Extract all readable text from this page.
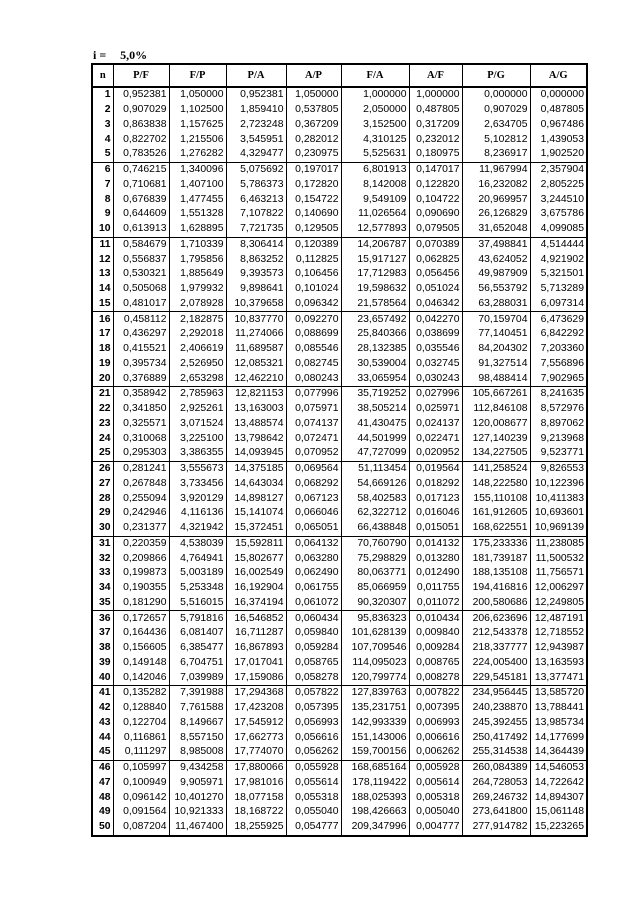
i = 5,0%
n	P/F	F/P	P/A	A/P	F/A	A/F	P/G	A/G
1	0,952381	1,050000	0,952381	1,050000	1,000000	1,000000	0,000000	0,000000
2	0,907029	1,102500	1,859410	0,537805	2,050000	0,487805	0,907029	0,487805
3	0,863838	1,157625	2,723248	0,367209	3,152500	0,317209	2,634705	0,967486
4	0,822702	1,215506	3,545951	0,282012	4,310125	0,232012	5,102812	1,439053
5	0,783526	1,276282	4,329477	0,230975	5,525631	0,180975	8,236917	1,902520
6	0,746215	1,340096	5,075692	0,197017	6,801913	0,147017	11,967994	2,357904
7	0,710681	1,407100	5,786373	0,172820	8,142008	0,122820	16,232082	2,805225
8	0,676839	1,477455	6,463213	0,154722	9,549109	0,104722	20,969957	3,244510
9	0,644609	1,551328	7,107822	0,140690	11,026564	0,090690	26,126829	3,675786
10	0,613913	1,628895	7,721735	0,129505	12,577893	0,079505	31,652048	4,099085
11	0,584679	1,710339	8,306414	0,120389	14,206787	0,070389	37,498841	4,514444
12	0,556837	1,795856	8,863252	0,112825	15,917127	0,062825	43,624052	4,921902
13	0,530321	1,885649	9,393573	0,106456	17,712983	0,056456	49,987909	5,321501
14	0,505068	1,979932	9,898641	0,101024	19,598632	0,051024	56,553792	5,713289
15	0,481017	2,078928	10,379658	0,096342	21,578564	0,046342	63,288031	6,097314
16	0,458112	2,182875	10,837770	0,092270	23,657492	0,042270	70,159704	6,473629
17	0,436297	2,292018	11,274066	0,088699	25,840366	0,038699	77,140451	6,842292
18	0,415521	2,406619	11,689587	0,085546	28,132385	0,035546	84,204302	7,203360
19	0,395734	2,526950	12,085321	0,082745	30,539004	0,032745	91,327514	7,556896
20	0,376889	2,653298	12,462210	0,080243	33,065954	0,030243	98,488414	7,902965
21	0,358942	2,785963	12,821153	0,077996	35,719252	0,027996	105,667261	8,241635
22	0,341850	2,925261	13,163003	0,075971	38,505214	0,025971	112,846108	8,572976
23	0,325571	3,071524	13,488574	0,074137	41,430475	0,024137	120,008677	8,897062
24	0,310068	3,225100	13,798642	0,072471	44,501999	0,022471	127,140239	9,213968
25	0,295303	3,386355	14,093945	0,070952	47,727099	0,020952	134,227505	9,523771
26	0,281241	3,555673	14,375185	0,069564	51,113454	0,019564	141,258524	9,826553
27	0,267848	3,733456	14,643034	0,068292	54,669126	0,018292	148,222580	10,122396
28	0,255094	3,920129	14,898127	0,067123	58,402583	0,017123	155,110108	10,411383
29	0,242946	4,116136	15,141074	0,066046	62,322712	0,016046	161,912605	10,693601
30	0,231377	4,321942	15,372451	0,065051	66,438848	0,015051	168,622551	10,969139
31	0,220359	4,538039	15,592811	0,064132	70,760790	0,014132	175,233336	11,238085
32	0,209866	4,764941	15,802677	0,063280	75,298829	0,013280	181,739187	11,500532
33	0,199873	5,003189	16,002549	0,062490	80,063771	0,012490	188,135108	11,756571
34	0,190355	5,253348	16,192904	0,061755	85,066959	0,011755	194,416816	12,006297
35	0,181290	5,516015	16,374194	0,061072	90,320307	0,011072	200,580686	12,249805
36	0,172657	5,791816	16,546852	0,060434	95,836323	0,010434	206,623696	12,487191
37	0,164436	6,081407	16,711287	0,059840	101,628139	0,009840	212,543378	12,718552
38	0,156605	6,385477	16,867893	0,059284	107,709546	0,009284	218,337777	12,943987
39	0,149148	6,704751	17,017041	0,058765	114,095023	0,008765	224,005400	13,163593
40	0,142046	7,039989	17,159086	0,058278	120,799774	0,008278	229,545181	13,377471
41	0,135282	7,391988	17,294368	0,057822	127,839763	0,007822	234,956445	13,585720
42	0,128840	7,761588	17,423208	0,057395	135,231751	0,007395	240,238870	13,788441
43	0,122704	8,149667	17,545912	0,056993	142,993339	0,006993	245,392455	13,985734
44	0,116861	8,557150	17,662773	0,056616	151,143006	0,006616	250,417492	14,177699
45	0,111297	8,985008	17,774070	0,056262	159,700156	0,006262	255,314538	14,364439
46	0,105997	9,434258	17,880066	0,055928	168,685164	0,005928	260,084389	14,546053
47	0,100949	9,905971	17,981016	0,055614	178,119422	0,005614	264,728053	14,722642
48	0,096142	10,401270	18,077158	0,055318	188,025393	0,005318	269,246732	14,894307
49	0,091564	10,921333	18,168722	0,055040	198,426663	0,005040	273,641800	15,061148
50	0,087204	11,467400	18,255925	0,054777	209,347996	0,004777	277,914782	15,223265
